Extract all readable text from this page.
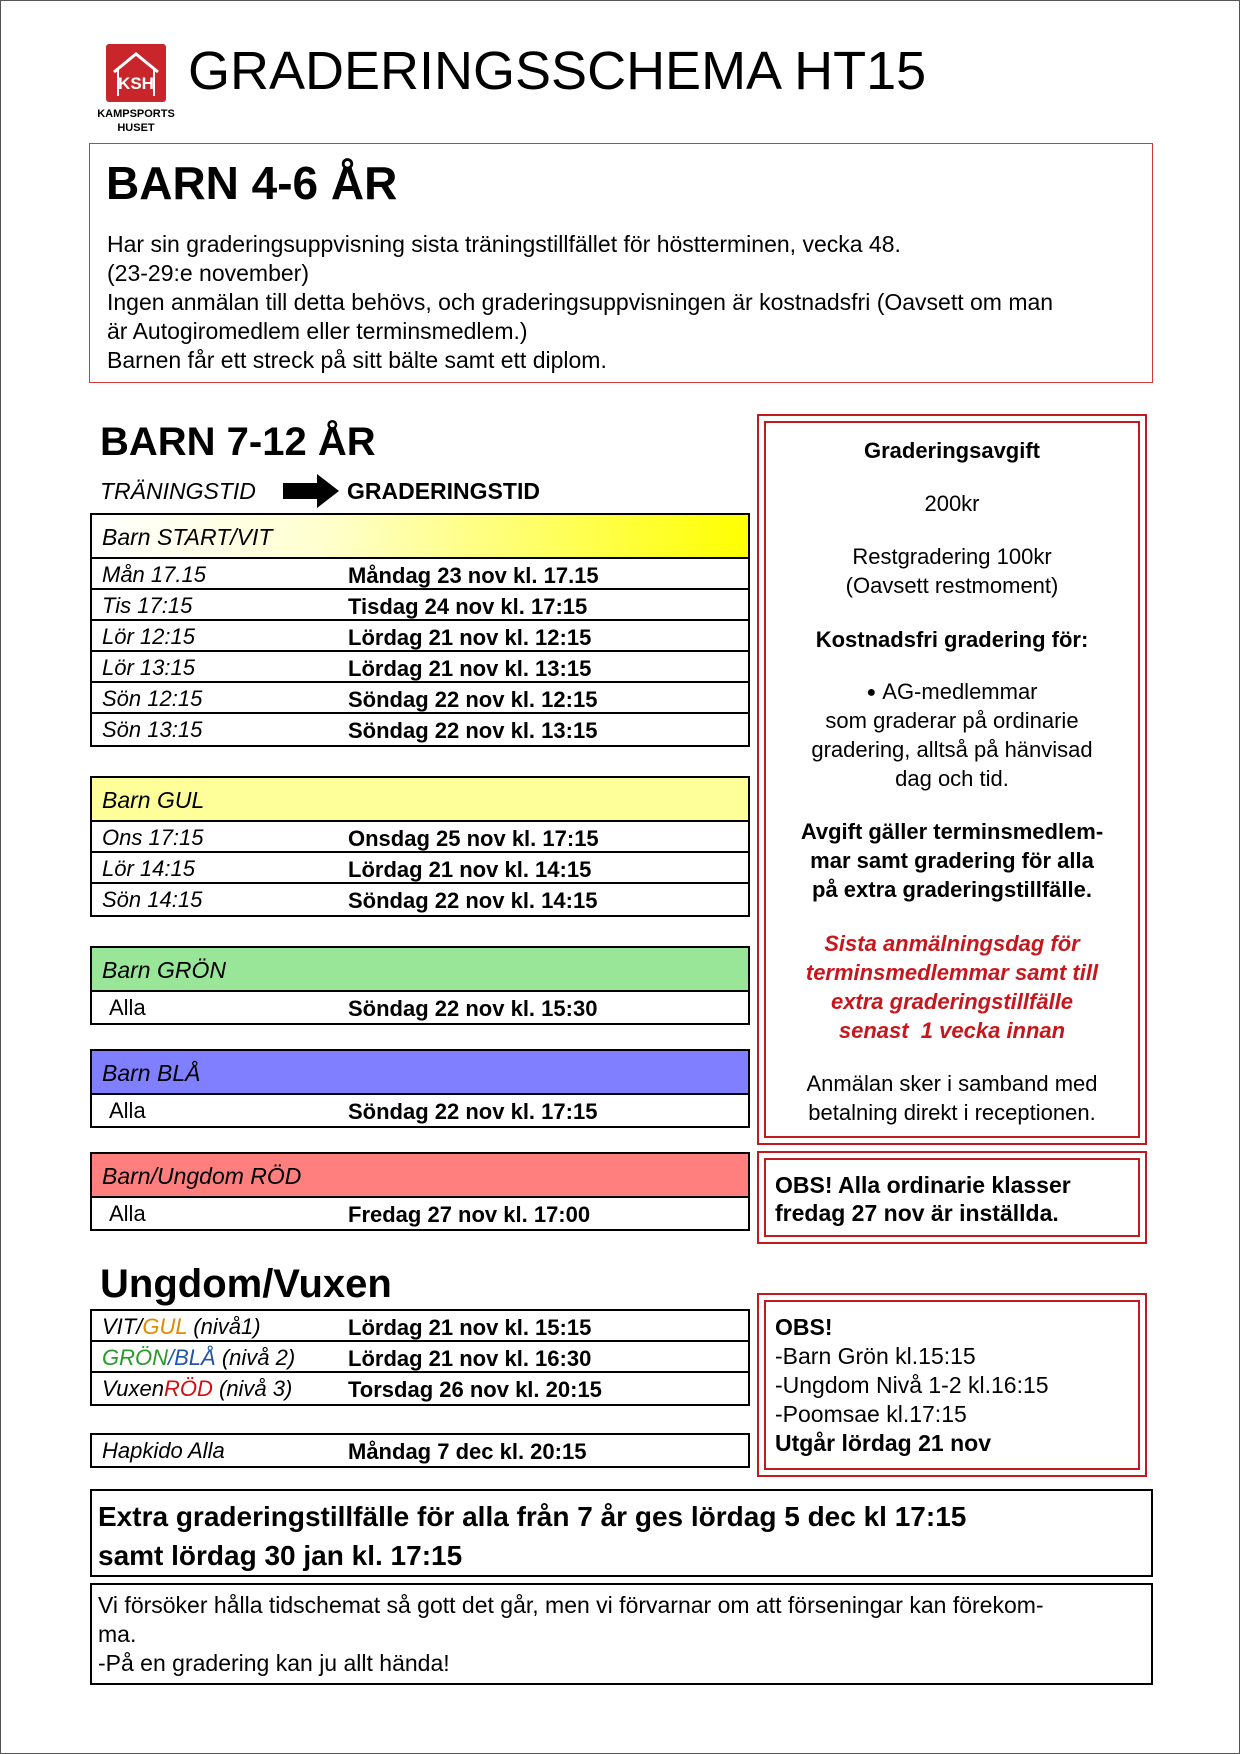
KSH
KAMPSPORTS
HUSET
GRADERINGSSCHEMA HT15
BARN 4-6 ÅR
Har sin graderingsuppvisning sista träningstillfället för höstterminen, vecka 48.
(23-29:e november)
Ingen anmälan till detta behövs, och graderingsuppvisningen är kostnadsfri (Oavsett om man
är Autogiromedlem eller terminsmedlem.)
Barnen får ett streck på sitt bälte samt ett diplom.
BARN 7-12 ÅR
TRÄNINGSTID	GRADERINGSTID
Barn START/VIT
Mån 17.15	Måndag 23 nov kl. 17.15
Tis 17:15	Tisdag 24 nov kl. 17:15
Lör 12:15	Lördag 21 nov kl. 12:15
Lör 13:15	Lördag 21 nov kl. 13:15
Sön 12:15	Söndag 22 nov kl. 12:15
Sön 13:15	Söndag 22 nov kl. 13:15
Barn GUL
Ons 17:15	Onsdag 25 nov kl. 17:15
Lör 14:15	Lördag 21 nov kl. 14:15
Sön 14:15	Söndag 22 nov kl. 14:15
Barn GRÖN
Alla	Söndag 22 nov kl. 15:30
Barn BLÅ
Alla	Söndag 22 nov kl. 17:15
Barn/Ungdom RÖD
Alla	Fredag 27 nov kl. 17:00
Graderingsavgift
200kr
Restgradering 100kr
(Oavsett restmoment)
Kostnadsfri gradering för:
● AG-medlemmar
som graderar på ordinarie
gradering, alltså på hänvisad
dag och tid.
Avgift gäller terminsmedlem-
mar samt gradering för alla
på extra graderingstillfälle.
Sista anmälningsdag för
terminsmedlemmar samt till
extra graderingstillfälle
senast  1 vecka innan
Anmälan sker i samband med
betalning direkt i receptionen.
OBS! Alla ordinarie klasser
fredag 27 nov är inställda.
Ungdom/Vuxen
VIT/GUL (nivå1)	Lördag 21 nov kl. 15:15
GRÖN/BLÅ (nivå 2) Lördag 21 nov kl. 16:30
VuxenRÖD (nivå 3)	Torsdag 26 nov kl. 20:15
Hapkido Alla	Måndag 7 dec kl. 20:15
OBS!
-Barn Grön kl.15:15
-Ungdom Nivå 1-2 kl.16:15
-Poomsae kl.17:15
Utgår lördag 21 nov
Extra graderingstillfälle för alla från 7 år ges lördag 5 dec kl 17:15
samt lördag 30 jan kl. 17:15
Vi försöker hålla tidschemat så gott det går, men vi förvarnar om att förseningar kan förekom-
ma.
-På en gradering kan ju allt hända!
